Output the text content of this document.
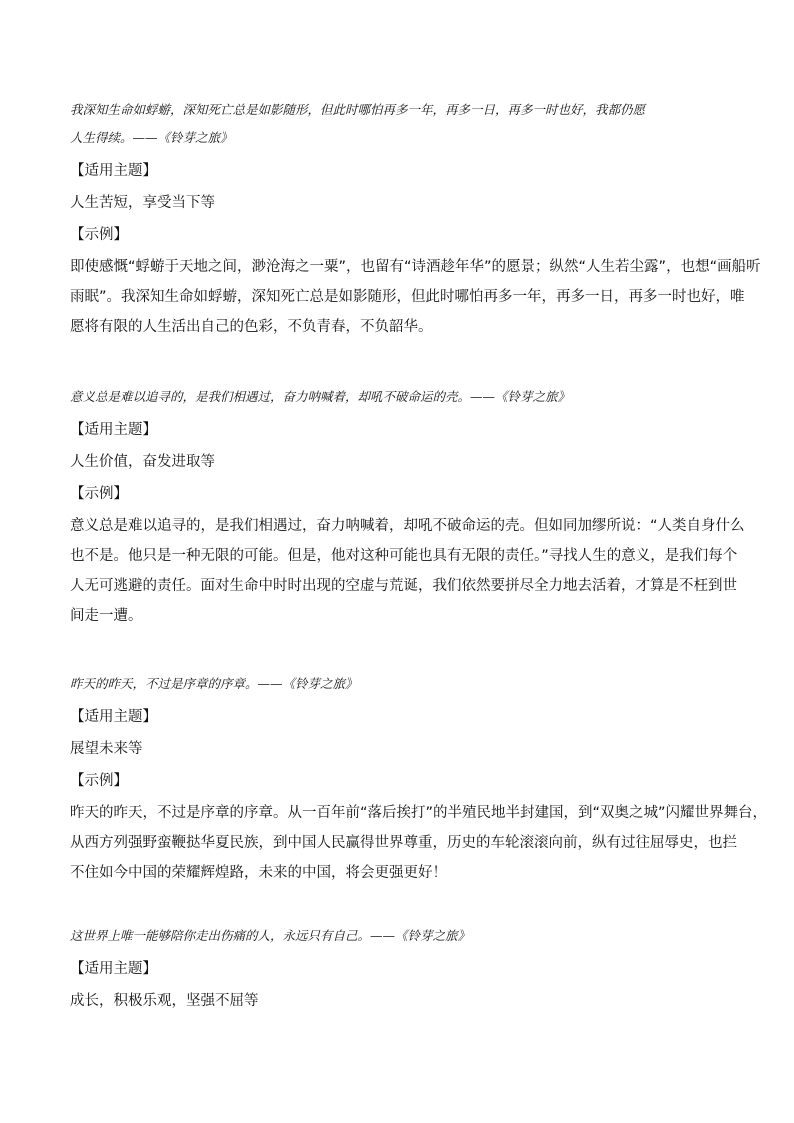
我深知生命如蜉蝣，深知死亡总是如影随形，但此时哪怕再多一年，再多一日，再多一时也好，我都仍愿
人生得续。——《铃芽之旅》

【适用主题】
人生苦短，享受当下等
【示例】

即使感慨“蜉蝣于天地之间，渺沧海之一粟”，也留有“诗酒趁年华”的愿景；纵然“人生若尘露”，也想“画船听
雨眠”。我深知生命如蜉蝣，深知死亡总是如影随形，但此时哪怕再多一年，再多一日，再多一时也好，唯
愿将有限的人生活出自己的色彩，不负青春，不负韶华。

意义总是难以追寻的，是我们相遇过，奋力呐喊着，却吼不破命运的壳。——《铃芽之旅》

【适用主题】
人生价值，奋发进取等
【示例】

意义总是难以追寻的，是我们相遇过，奋力呐喊着，却吼不破命运的壳。但如同加缪所说：“人类自身什么
也不是。他只是一种无限的可能。但是，他对这种可能也具有无限的责任。”寻找人生的意义，是我们每个
人无可逃避的责任。面对生命中时时出现的空虚与荒诞，我们依然要拼尽全力地去活着，才算是不枉到世
间走一遭。

昨天的昨天，不过是序章的序章。——《铃芽之旅》

【适用主题】
展望未来等
【示例】

昨天的昨天，不过是序章的序章。从一百年前“落后挨打”的半殖民地半封建国，到“双奥之城”闪耀世界舞台，
从西方列强野蛮鞭挞华夏民族，到中国人民赢得世界尊重，历史的车轮滚滚向前，纵有过往屈辱史，也拦
不住如今中国的荣耀辉煌路，未来的中国，将会更强更好！

这世界上唯一能够陪你走出伤痛的人，永远只有自己。——《铃芽之旅》

【适用主题】
成长，积极乐观，坚强不屈等
